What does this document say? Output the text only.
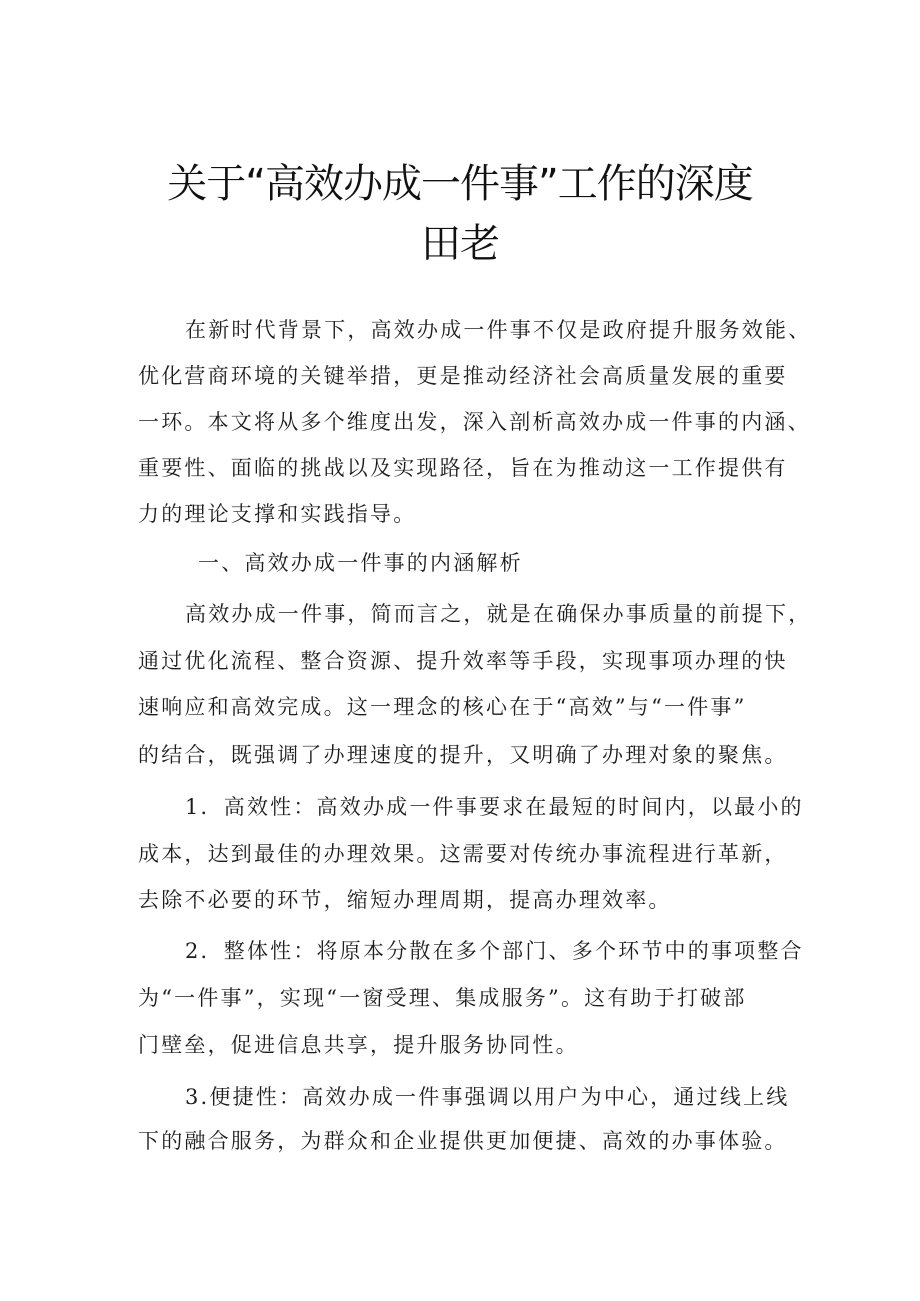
关于“高效办成一件事”工作的深度
田老
在新时代背景下，高效办成一件事不仅是政府提升服务效能、
优化营商环境的关键举措，更是推动经济社会高质量发展的重要
一环。本文将从多个维度出发，深入剖析高效办成一件事的内涵、
重要性、面临的挑战以及实现路径，旨在为推动这一工作提供有
力的理论支撑和实践指导。
一、高效办成一件事的内涵解析
高效办成一件事，简而言之，就是在确保办事质量的前提下，
通过优化流程、整合资源、提升效率等手段，实现事项办理的快
速响应和高效完成。这一理念的核心在于“高效”与“一件事”
的结合，既强调了办理速度的提升，又明确了办理对象的聚焦。
1．高效性：高效办成一件事要求在最短的时间内，以最小的
成本，达到最佳的办理效果。这需要对传统办事流程进行革新，
去除不必要的环节，缩短办理周期，提高办理效率。
2．整体性：将原本分散在多个部门、多个环节中的事项整合
为“一件事”，实现“一窗受理、集成服务”。这有助于打破部
门壁垒，促进信息共享，提升服务协同性。
3.便捷性：高效办成一件事强调以用户为中心，通过线上线
下的融合服务，为群众和企业提供更加便捷、高效的办事体验。
